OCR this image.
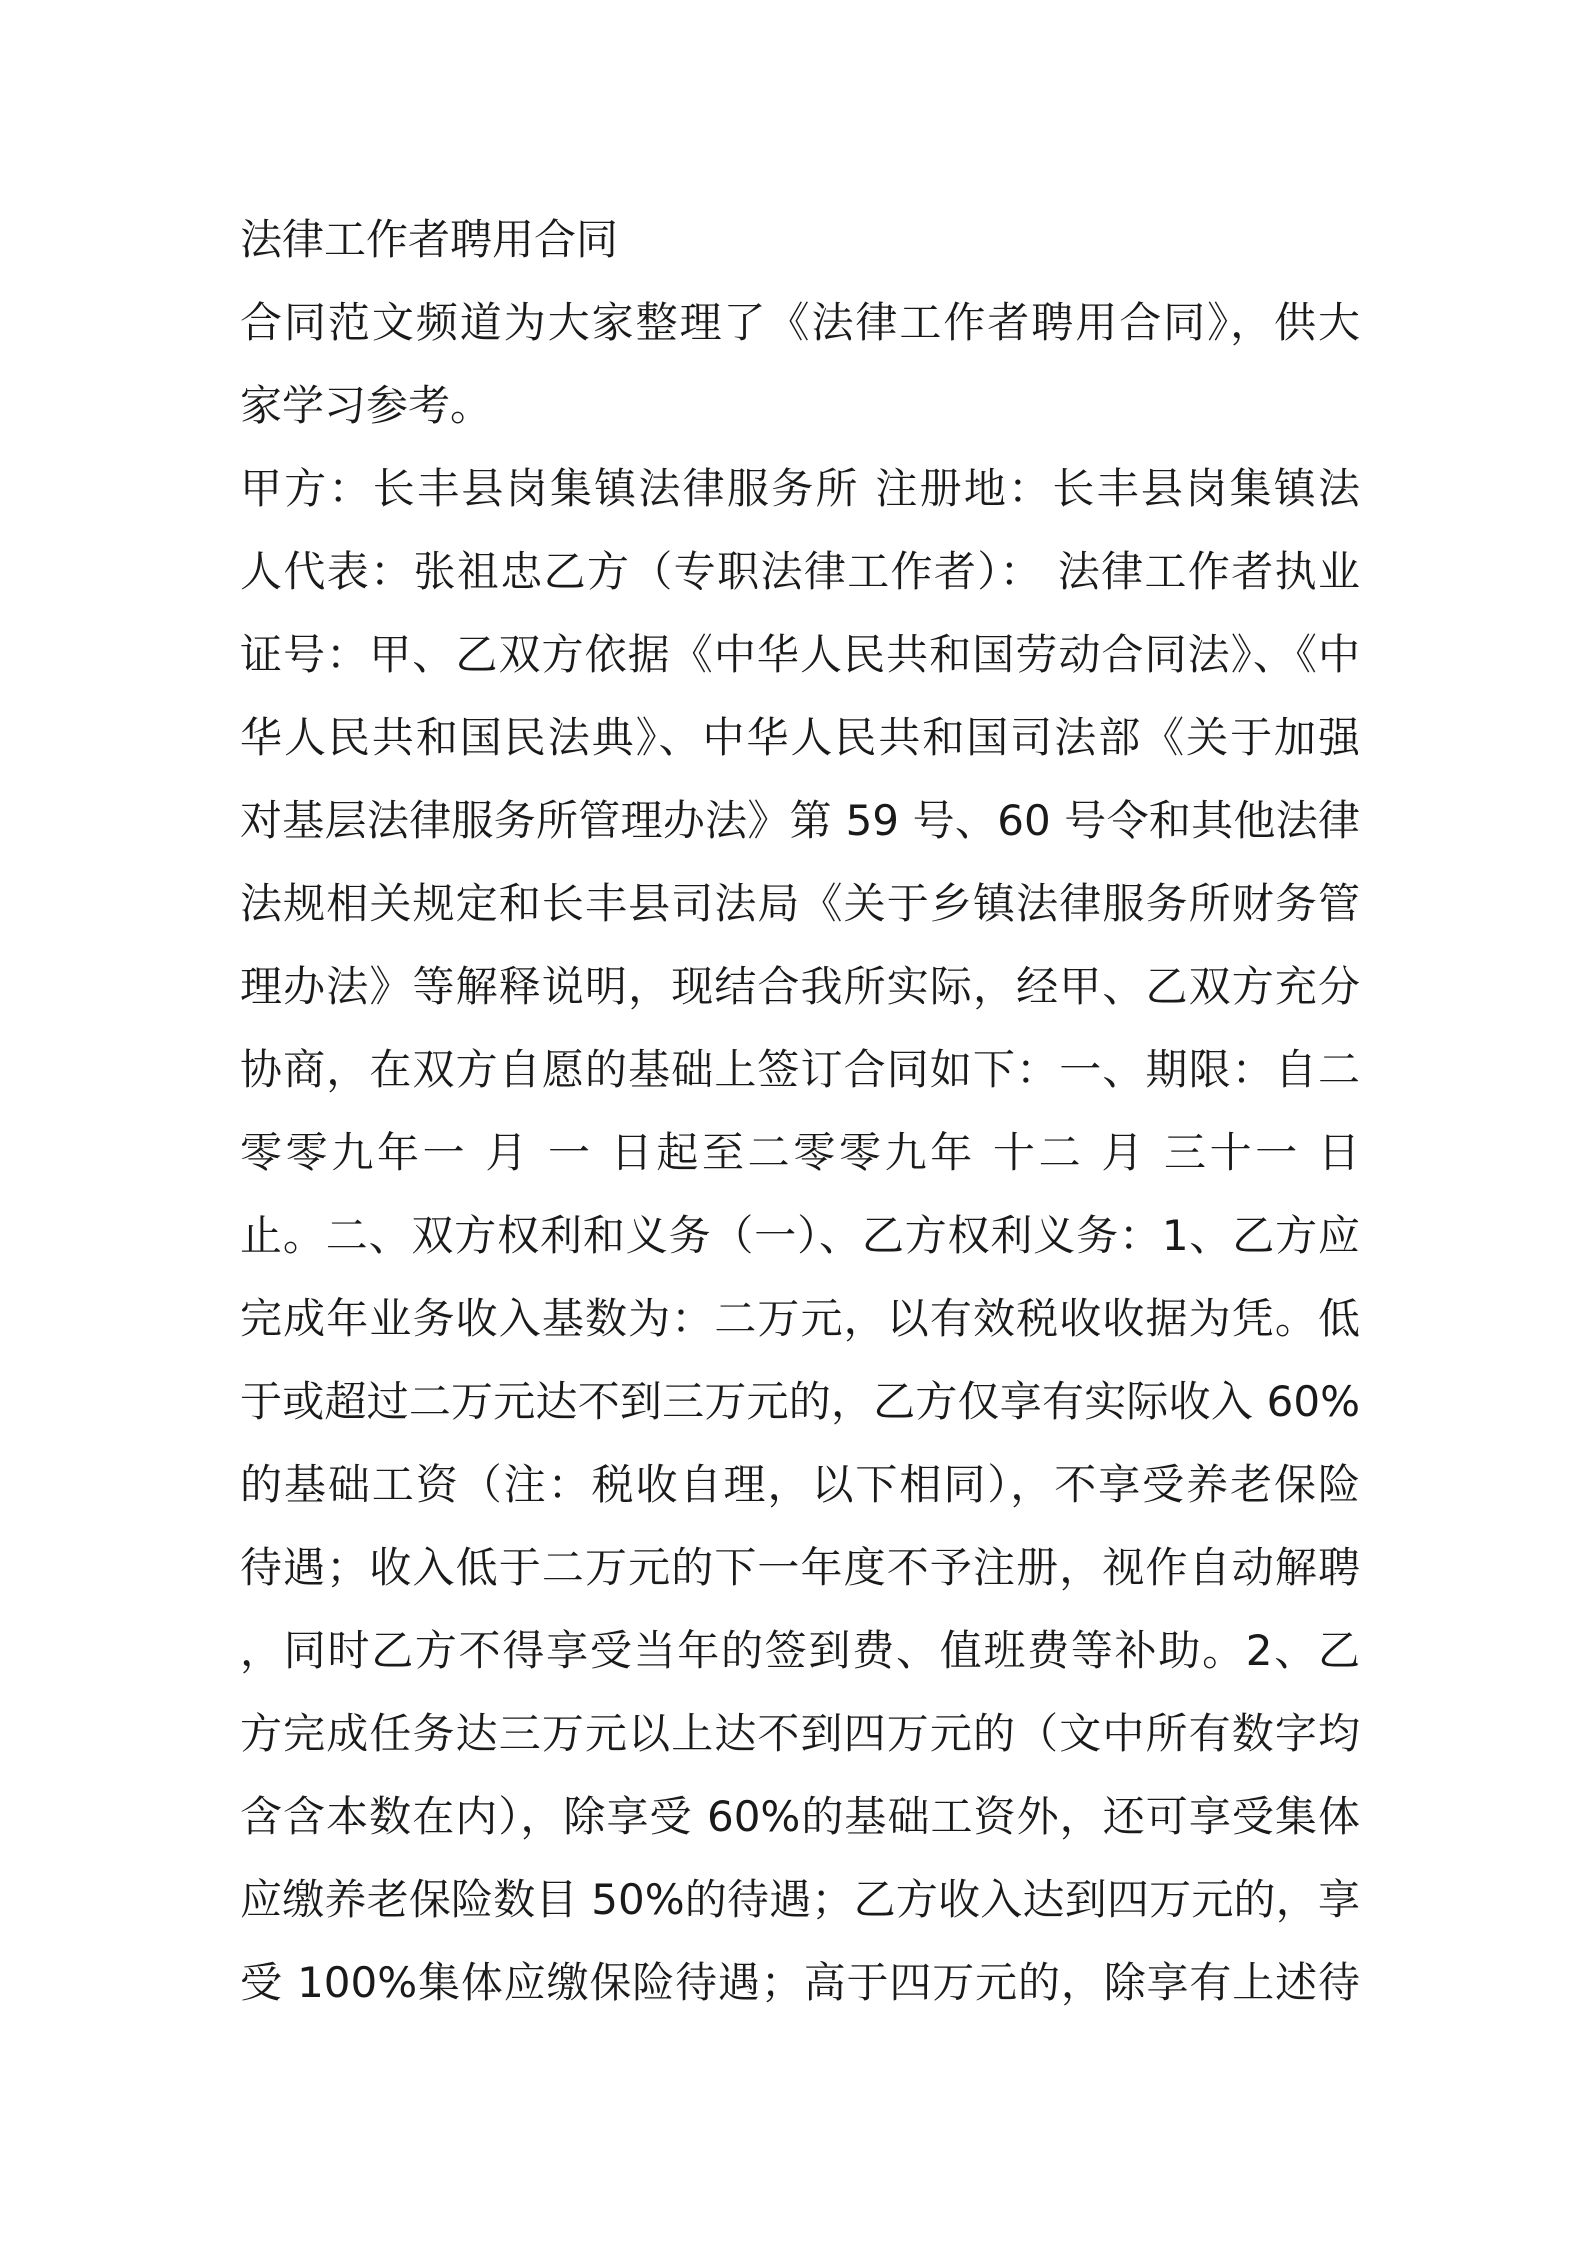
法律工作者聘用合同
合同范文频道为大家整理了《法律工作者聘用合同》，供大
家学习参考。
甲方：长丰县岗集镇法律服务所 注册地：长丰县岗集镇法
人代表：张祖忠乙方（专职法律工作者）： 法律工作者执业
证号：甲、乙双方依据《中华人民共和国劳动合同法》、《中
华人民共和国民法典》、中华人民共和国司法部《关于加强
对基层法律服务所管理办法》第 59 号、60 号令和其他法律
法规相关规定和长丰县司法局《关于乡镇法律服务所财务管
理办法》等解释说明，现结合我所实际，经甲、乙双方充分
协商，在双方自愿的基础上签订合同如下：一、期限：自二
零零九年一 月 一 日起至二零零九年 十二 月 三十一 日
止。二、双方权利和义务（一）、乙方权利义务：1、乙方应
完成年业务收入基数为：二万元，以有效税收收据为凭。低
于或超过二万元达不到三万元的，乙方仅享有实际收入 60%
的基础工资（注：税收自理，以下相同），不享受养老保险
待遇；收入低于二万元的下一年度不予注册，视作自动解聘
，同时乙方不得享受当年的签到费、值班费等补助。2、乙
方完成任务达三万元以上达不到四万元的（文中所有数字均
含含本数在内），除享受 60%的基础工资外，还可享受集体
应缴养老保险数目 50%的待遇；乙方收入达到四万元的，享
受 100%集体应缴保险待遇；高于四万元的，除享有上述待
